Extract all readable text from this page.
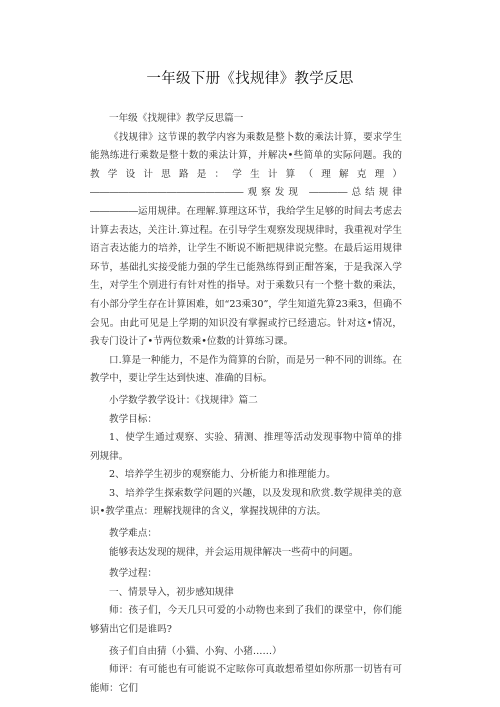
一年级下册《找规律》教学反思

一年级《找规律》教学反思篇一

《找规律》这节课的教学内容为乘数是整卜数的乘法计算，要求学生能熟练进行乘数是整十数的乘法计算，并解决•些简单的实际问题。我的教学设计思路是：学生计算（理解克理）――――――――――――――――观察发现 ――――总结规律―――――运用规律。在理解.算理这环节，我给学生足够的时间去考虑去计算去表达，关注计.算过程。在引导学生观察发现规律时，我重视对学生语言表达能力的培养，让学生不断说不断把规律说完整。在最后运用规律环节，基础扎实接受能力强的学生已能熟练得到正酣答案，于是我深入学生，对学生个别进行有针对性的指导。对于乘数只有一个整十数的乘法，有小部分学生存在计算困难，如“23乘30”，学生知道先算23乘3，但确不会见。由此可见是上学期的知识没有掌握或拧已经遗忘。针对这•情况，我专门设计了•节两位数乘•位数的计算练习课。

口.算是一种能力，不是作为简算的台阶，而是另一种不同的训练。在教学中，要让学生达到快速、准确的目标。

小学数学教学设计：《找规律》篇二

教学目标：

1、使学生通过观察、实验、猜测、推理等活动发现事物中简单的排列规律。

2、培养学生初步的观察能力、分析能力和推理能力。

3、培养学生探索数学问题的兴趣，以及发现和欣赏.数学规律美的意识•教学重点：理解找规律的含义，掌握找规律的方法。

教学难点：

能够表达发现的规律，并会运用规律解决一些荷中的问题。

教学过程：

一、情景导入，初步感知规律

师：孩子们，今天几只可爱的小动物也来到了我们的课堂中，你们能够猜出它们是谁吗?

孩子们自由猜（小猫、小狗、小猪……）

师评：有可能也有可能说不定眩你可真敢想希望如你所那一切皆有可能师：它们
